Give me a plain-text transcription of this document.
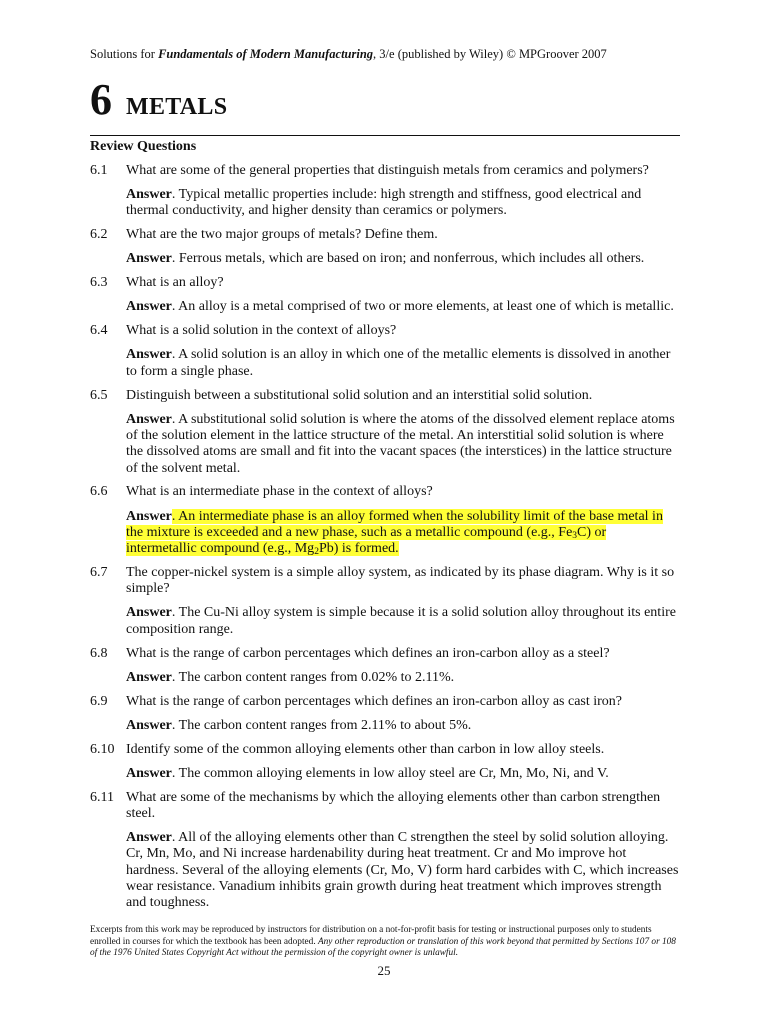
Solutions for Fundamentals of Modern Manufacturing, 3/e (published by Wiley) © MPGroover 2007
6 METALS
Review Questions
6.1	What are some of the general properties that distinguish metals from ceramics and polymers?
Answer. Typical metallic properties include: high strength and stiffness, good electrical and thermal conductivity, and higher density than ceramics or polymers.
6.2	What are the two major groups of metals? Define them.
Answer. Ferrous metals, which are based on iron; and nonferrous, which includes all others.
6.3	What is an alloy?
Answer. An alloy is a metal comprised of two or more elements, at least one of which is metallic.
6.4	What is a solid solution in the context of alloys?
Answer. A solid solution is an alloy in which one of the metallic elements is dissolved in another to form a single phase.
6.5	Distinguish between a substitutional solid solution and an interstitial solid solution.
Answer. A substitutional solid solution is where the atoms of the dissolved element replace atoms of the solution element in the lattice structure of the metal. An interstitial solid solution is where the dissolved atoms are small and fit into the vacant spaces (the interstices) in the lattice structure of the solvent metal.
6.6	What is an intermediate phase in the context of alloys?
Answer. An intermediate phase is an alloy formed when the solubility limit of the base metal in the mixture is exceeded and a new phase, such as a metallic compound (e.g., $Fe_3C$) or intermetallic compound (e.g., $Mg_2Pb$) is formed.
6.7	The copper-nickel system is a simple alloy system, as indicated by its phase diagram. Why is it so simple?
Answer. The Cu-Ni alloy system is simple because it is a solid solution alloy throughout its entire composition range.
6.8	What is the range of carbon percentages which defines an iron-carbon alloy as a steel?
Answer. The carbon content ranges from 0.02% to 2.11%.
6.9	What is the range of carbon percentages which defines an iron-carbon alloy as cast iron?
Answer. The carbon content ranges from 2.11% to about 5%.
6.10 Identify some of the common alloying elements other than carbon in low alloy steels.
Answer. The common alloying elements in low alloy steel are Cr, Mn, Mo, Ni, and V.
6.11 What are some of the mechanisms by which the alloying elements other than carbon strengthen steel.
Answer. All of the alloying elements other than C strengthen the steel by solid solution alloying. Cr, Mn, Mo, and Ni increase hardenability during heat treatment. Cr and Mo improve hot hardness. Several of the alloying elements (Cr, Mo, V) form hard carbides with C, which increases wear resistance. Vanadium inhibits grain growth during heat treatment which improves strength and toughness.
Excerpts from this work may be reproduced by instructors for distribution on a not-for-profit basis for testing or instructional purposes only to students enrolled in courses for which the textbook has been adopted. Any other reproduction or translation of this work beyond that permitted by Sections 107 or 108 of the 1976 United States Copyright Act without the permission of the copyright owner is unlawful.
25
